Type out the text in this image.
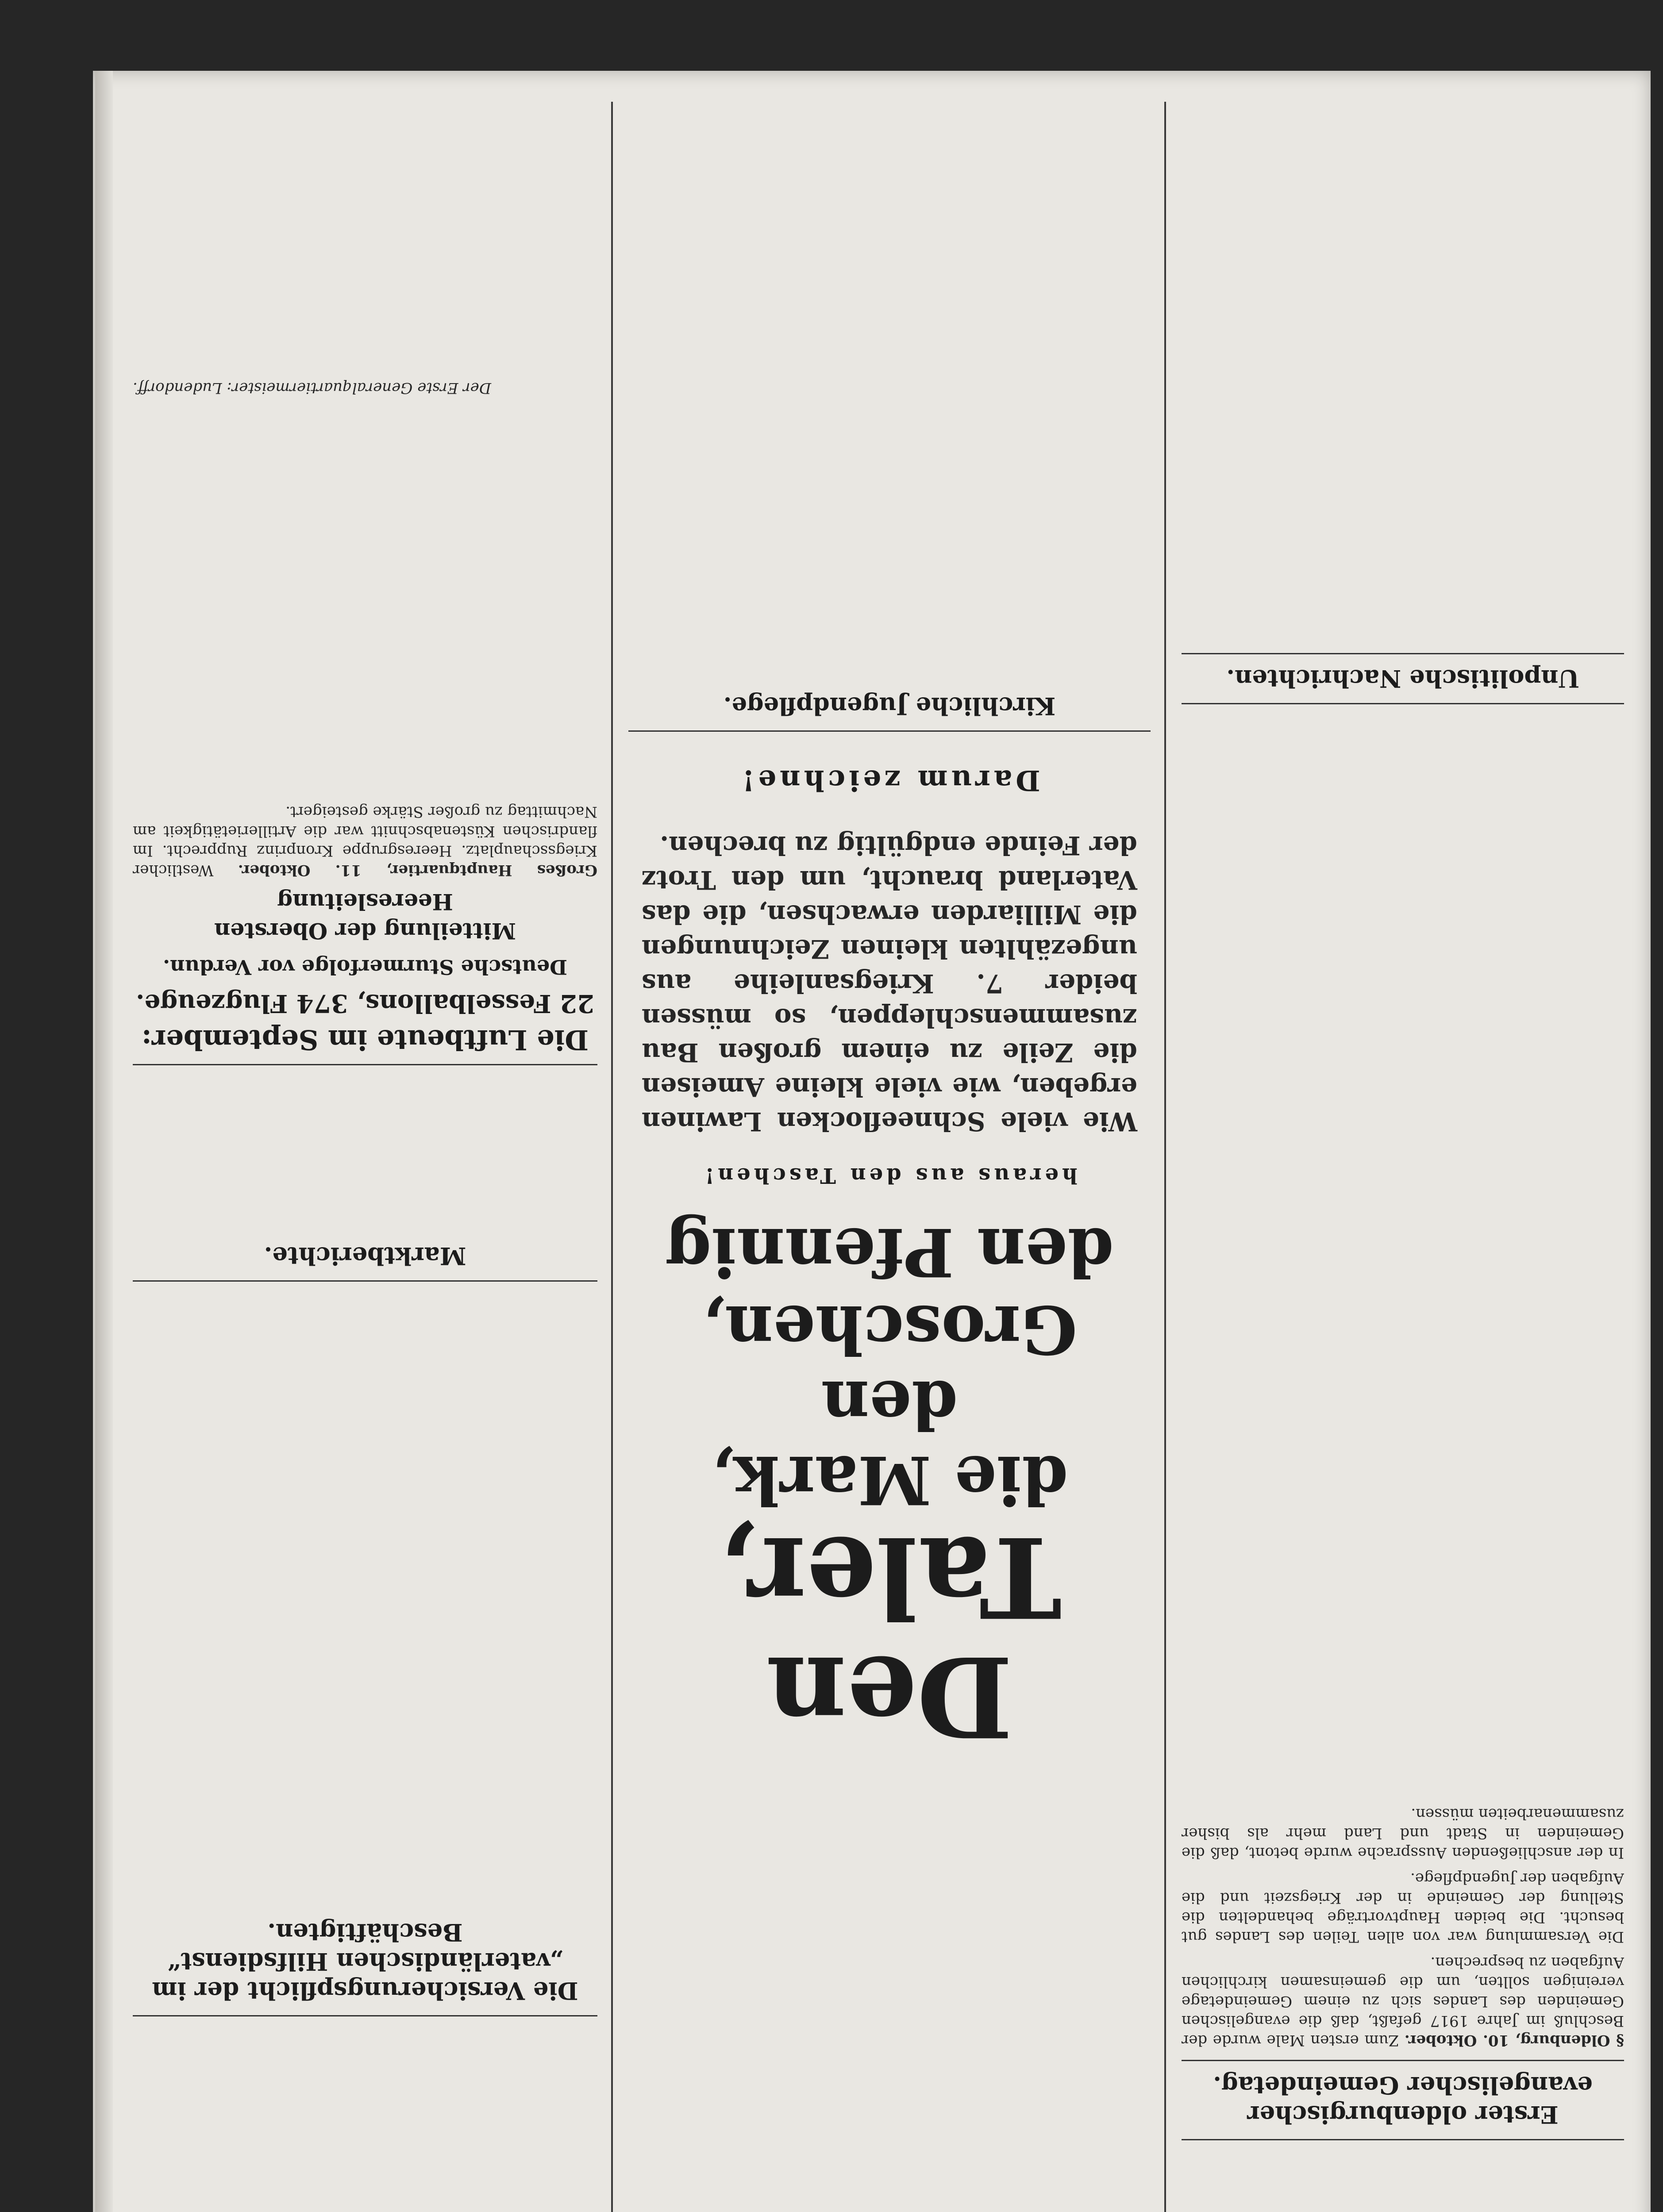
Erster oldenburgischer evangelischer Gemeindetag.

§ Oldenburg, 10. Oktober. Zum ersten Male wurde der Beschluß im Jahre 1917 gefaßt, daß die evangelischen Gemeinden des Landes sich zu einem Gemeindetage vereinigen sollten, um die gemeinsamen kirchlichen Aufgaben zu besprechen.

Die Versammlung war von allen Teilen des Landes gut besucht. Die beiden Hauptvorträge behandelten die Stellung der Gemeinde in der Kriegszeit und die Aufgaben der Jugendpflege.

In der anschließenden Aussprache wurde betont, daß die Gemeinden in Stadt und Land mehr als bisher zusammenarbeiten müssen.

Unpolitische Nachrichten.

Den Taler,

die Mark,

den Groschen,

den Pfennig

heraus aus den Taschen!

Wie viele Schneeflocken Lawinen ergeben, wie viele kleine Ameisen die Zeile zu einem großen Bau zusammenschleppen, so müssen beider 7. Kriegsanleihe aus ungezählten kleinen Zeichnungen die Milliarden erwachsen, die das Vaterland braucht, um den Trotz der Feinde endgültig zu brechen.

Darum zeichne!

Kirchliche Jugendpflege.
Die Versicherungspflicht der im „vaterländischen Hilfsdienst“ Beschäftigten.
Marktberichte.
Die Luftbeute im September:
22 Fesselballons, 374 Flugzeuge.
Deutsche Sturmerfolge vor Verdun.
Mitteilung der Obersten Heeresleitung

Großes Hauptquartier, 11. Oktober. Westlicher Kriegsschauplatz. Heeresgruppe Kronprinz Rupprecht. Im flandrischen Küstenabschnitt war die Artillerietätigkeit am Nachmittag zu großer Stärke gesteigert.

Der Erste Generalquartiermeister: Ludendorff.
